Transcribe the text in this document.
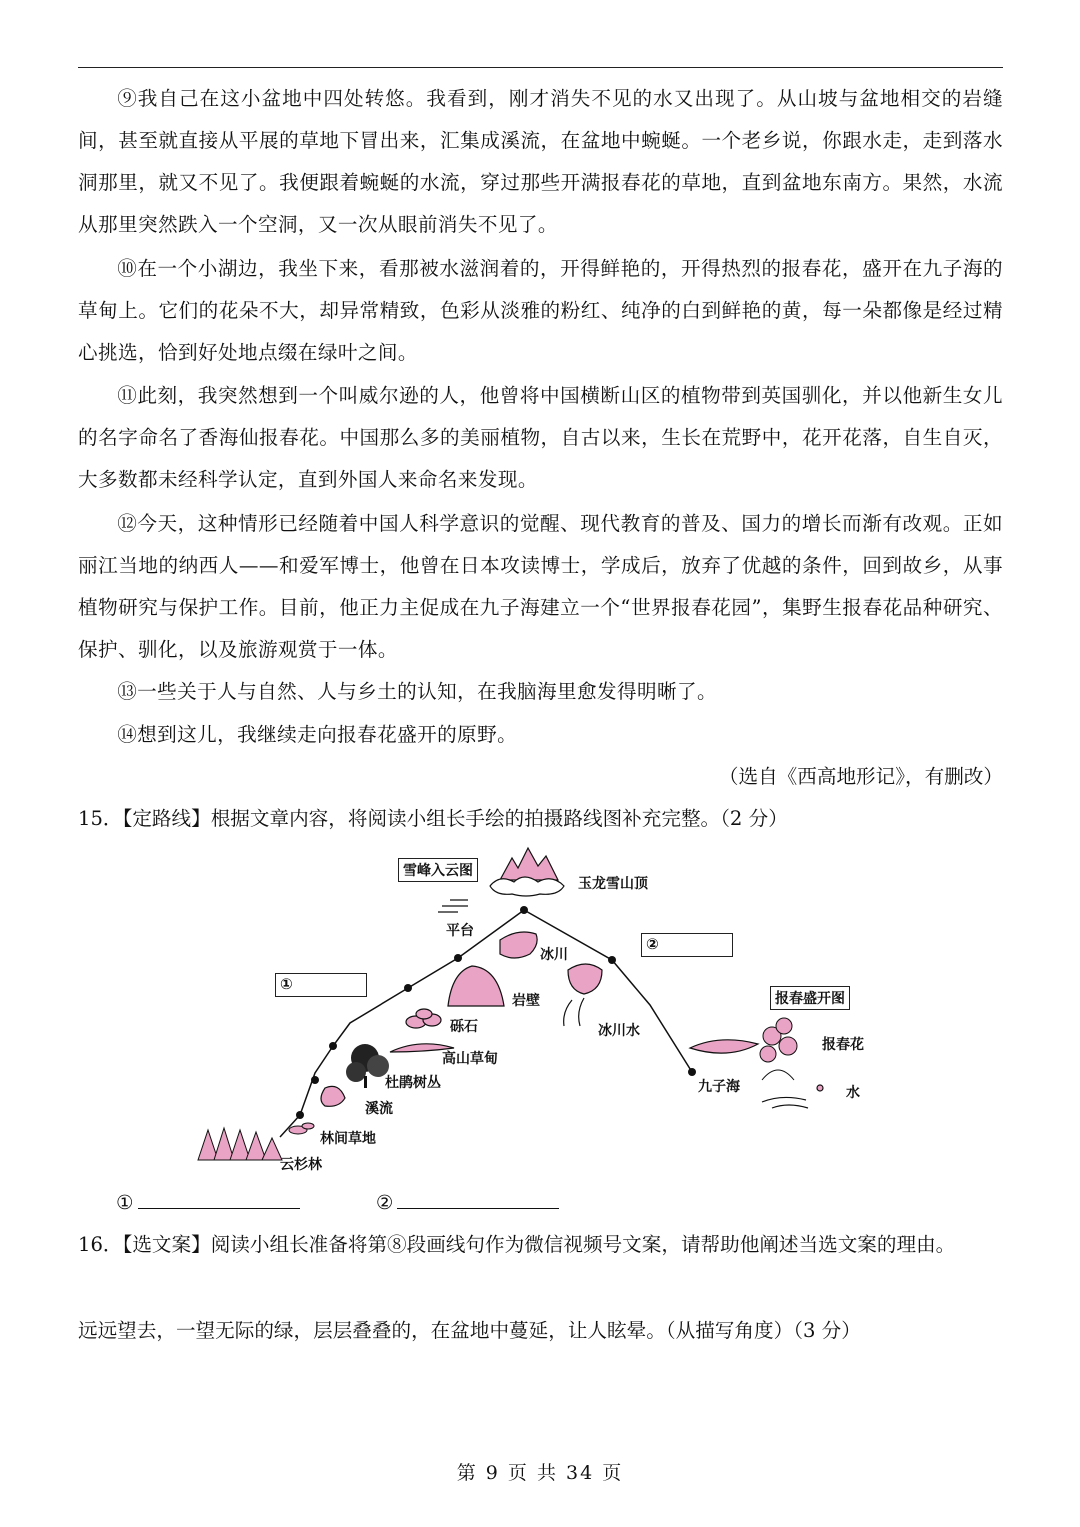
⑨我自己在这小盆地中四处转悠。我看到，刚才消失不见的水又出现了。从山坡与盆地相交的岩缝间，甚至就直接从平展的草地下冒出来，汇集成溪流，在盆地中蜿蜒。一个老乡说，你跟水走，走到落水洞那里，就又不见了。我便跟着蜿蜒的水流，穿过那些开满报春花的草地，直到盆地东南方。果然，水流从那里突然跌入一个空洞，又一次从眼前消失不见了。

⑩在一个小湖边，我坐下来，看那被水滋润着的，开得鲜艳的，开得热烈的报春花，盛开在九子海的草甸上。它们的花朵不大，却异常精致，色彩从淡雅的粉红、纯净的白到鲜艳的黄，每一朵都像是经过精心挑选，恰到好处地点缀在绿叶之间。

⑪此刻，我突然想到一个叫威尔逊的人，他曾将中国横断山区的植物带到英国驯化，并以他新生女儿的名字命名了香海仙报春花。中国那么多的美丽植物，自古以来，生长在荒野中，花开花落，自生自灭，大多数都未经科学认定，直到外国人来命名来发现。

⑫今天，这种情形已经随着中国人科学意识的觉醒、现代教育的普及、国力的增长而渐有改观。正如丽江当地的纳西人——和爱军博士，他曾在日本攻读博士，学成后，放弃了优越的条件，回到故乡，从事植物研究与保护工作。目前，他正力主促成在九子海建立一个“世界报春花园”，集野生报春花品种研究、保护、驯化，以及旅游观赏于一体。

⑬一些关于人与自然、人与乡土的认知，在我脑海里愈发得明晰了。

⑭想到这儿，我继续走向报春花盛开的原野。

（选自《西高地形记》，有删改）

15．【定路线】根据文章内容，将阅读小组长手绘的拍摄路线图补充完整。（2 分）

雪峰入云图
报春盛开图
①
②
玉龙雪山顶
平台
冰川
岩壁
砾石
高山草甸
杜鹃树丛
溪流
林间草地
云杉林
冰川水
九子海
报春花
水
①	②

16．【选文案】阅读小组长准备将第⑧段画线句作为微信视频号文案，请帮助他阐述当选文案的理由。

远远望去，一望无际的绿，层层叠叠的，在盆地中蔓延，让人眩晕。（从描写角度）（3 分）

第 9 页 共 34 页
